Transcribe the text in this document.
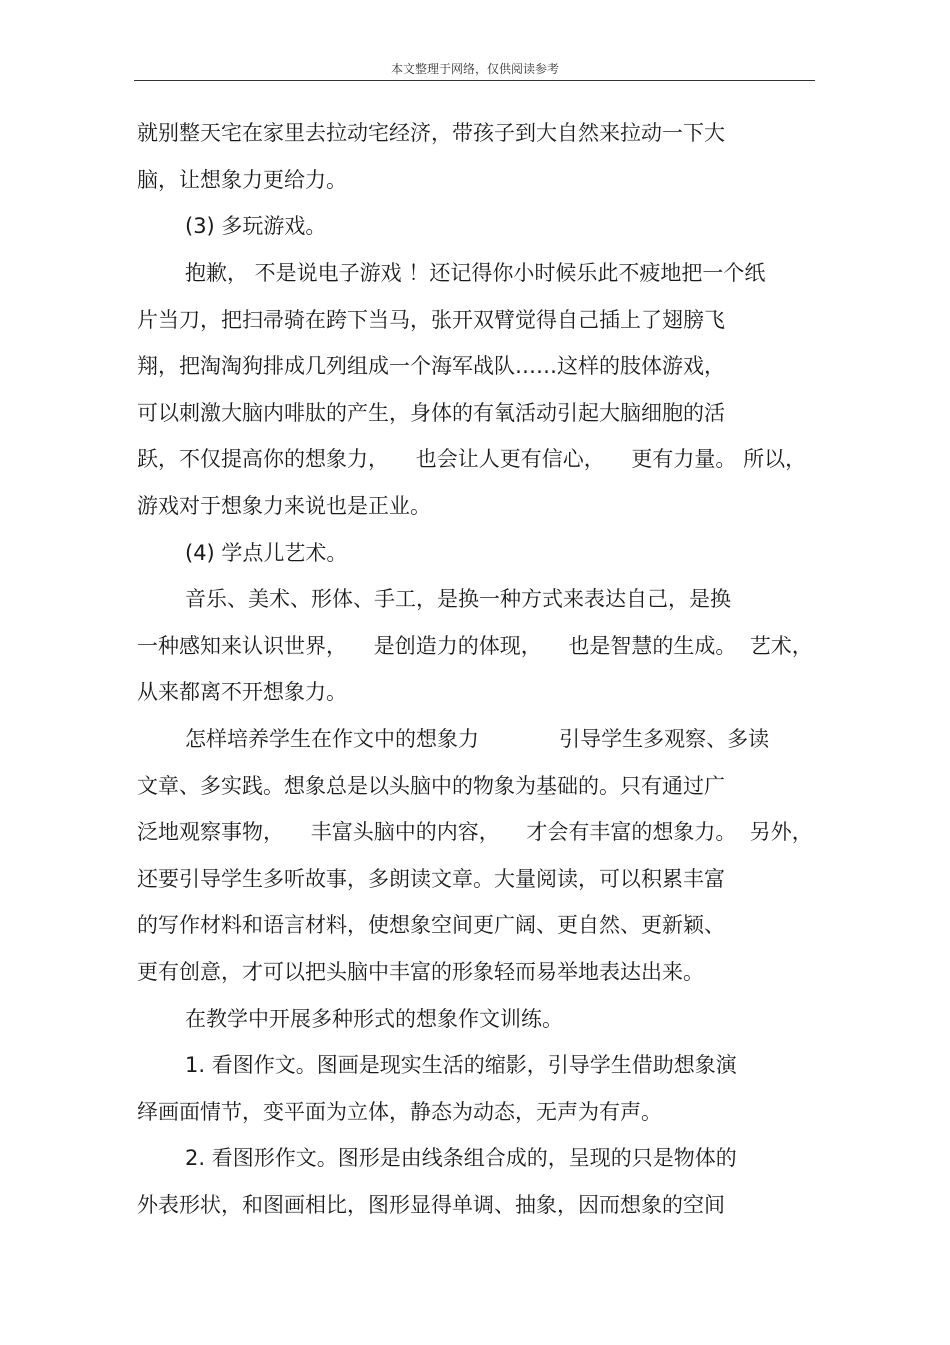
本文整理于网络，仅供阅读参考
就别整天宅在家里去拉动宅经济，带孩子到大自然来拉动一下大
脑，让想象力更给力。
(3) 多玩游戏。
抱歉， 不是说电子游戏 ！还记得你小时候乐此不疲地把一个纸
片当刀，把扫帚骑在跨下当马，张开双臂觉得自己插上了翅膀飞
翔，把淘淘狗排成几列组成一个海军战队……这样的肢体游戏，
可以刺激大脑内啡肽的产生，身体的有氧活动引起大脑细胞的活
跃，不仅提高你的想象力，    也会让人更有信心，    更有力量。 所以，
游戏对于想象力来说也是正业。
(4) 学点儿艺术。
音乐、美术、形体、手工，是换一种方式来表达自己，是换
一种感知来认识世界，    是创造力的体现，    也是智慧的生成。  艺术，
从来都离不开想象力。
怎样培养学生在作文中的想象力            引导学生多观察、多读
文章、多实践。想象总是以头脑中的物象为基础的。只有通过广
泛地观察事物，    丰富头脑中的内容，    才会有丰富的想象力。  另外，
还要引导学生多听故事，多朗读文章。大量阅读，可以积累丰富
的写作材料和语言材料，使想象空间更广阔、更自然、更新颖、
更有创意，才可以把头脑中丰富的形象轻而易举地表达出来。
在教学中开展多种形式的想象作文训练。
1. 看图作文。图画是现实生活的缩影，引导学生借助想象演
绎画面情节，变平面为立体，静态为动态，无声为有声。
2. 看图形作文。图形是由线条组合成的，呈现的只是物体的
外表形状，和图画相比，图形显得单调、抽象，因而想象的空间
